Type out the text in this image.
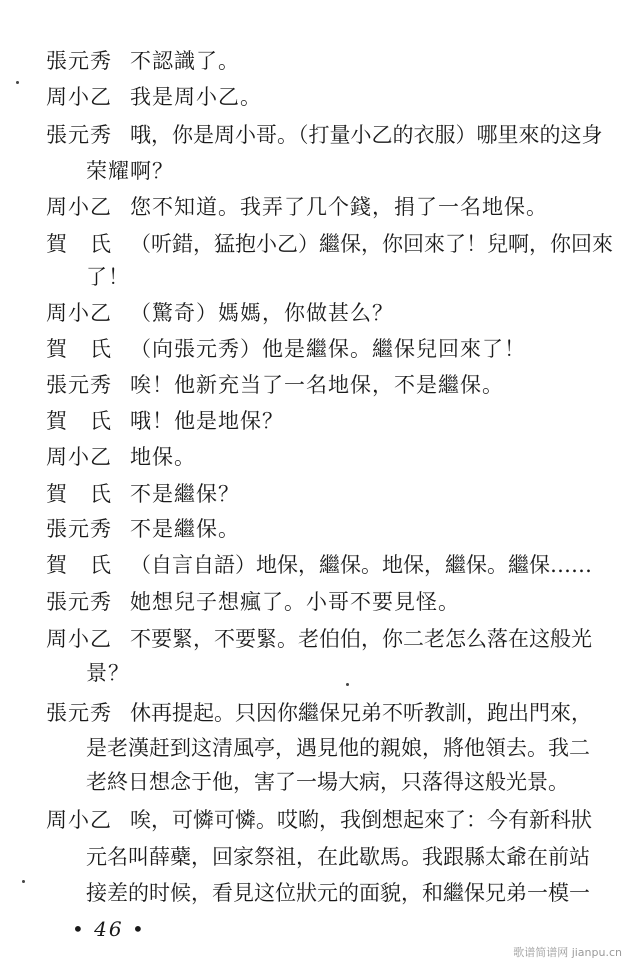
張元秀 不認識了。
周小乙 我是周小乙。
張元秀 哦，你是周小哥。（打量小乙的衣服）哪里來的这身
荣耀啊？
周小乙 您不知道。我弄了几个錢，捐了一名地保。
賀　氏 （听錯，猛抱小乙）繼保，你回來了！兒啊，你回來
了！
周小乙 （驚奇）媽媽，你做甚么？
賀　氏 （向張元秀）他是繼保。繼保兒回來了！
張元秀 唉！他新充当了一名地保，不是繼保。
賀　氏 哦！他是地保？
周小乙 地保。
賀　氏 不是繼保？
張元秀 不是繼保。
賀　氏 （自言自語）地保，繼保。地保，繼保。繼保……
張元秀 她想兒子想瘋了。小哥不要見怪。
周小乙 不要緊，不要緊。老伯伯，你二老怎么落在这般光
景？
張元秀 休再提起。只因你繼保兄弟不听教訓，跑出門來，
是老漢赶到这清風亭，遇見他的親娘，將他領去。我二
老終日想念于他，害了一場大病，只落得这般光景。
周小乙 唉，可憐可憐。哎喲，我倒想起來了：今有新科狀
元名叫薛蘗，回家祭祖，在此歇馬。我跟縣太爺在前站
接差的时候，看見这位狀元的面貌，和繼保兄弟一模一
• 46 •
歌谱简谱网 jianpu.cn
